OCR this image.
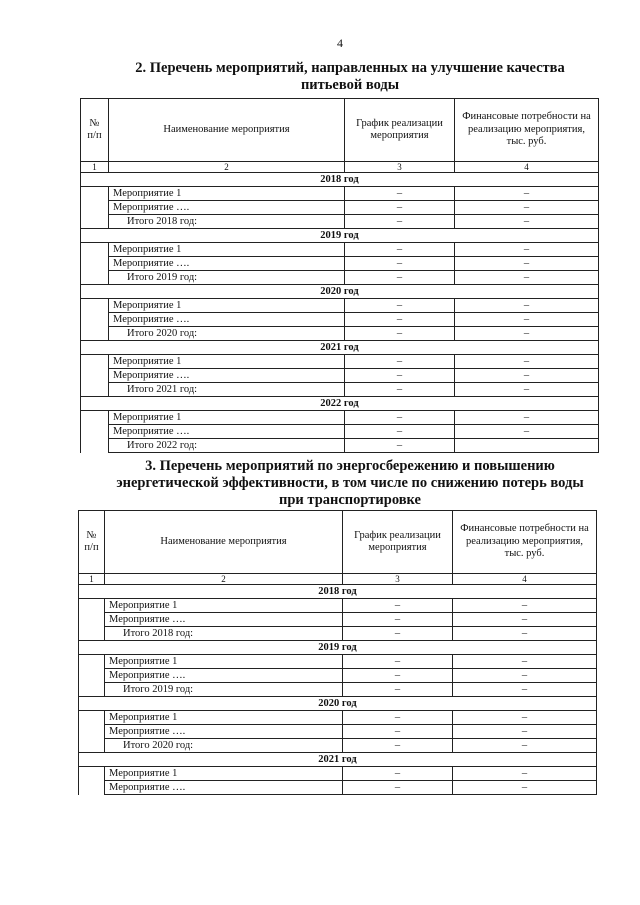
4
2. Перечень мероприятий, направленных на улучшение качества
питьевой воды
№ п/п	Наименование мероприятия	График реализации мероприятия	Финансовые потребности на реализацию мероприятия, тыс. руб.
1	2	3	4
2018 год			
	Мероприятие 1	–	–
	Мероприятие ….	–	–
	Итого 2018 год:	–	–
2019 год			
	Мероприятие 1	–	–
	Мероприятие ….	–	–
	Итого 2019 год:	–	–
2020 год			
	Мероприятие 1	–	–
	Мероприятие ….	–	–
	Итого 2020 год:	–	–
2021 год			
	Мероприятие 1	–	–
	Мероприятие ….	–	–
	Итого 2021 год:	–	–
2022 год			
	Мероприятие 1	–	–
	Мероприятие ….	–	–
	Итого 2022 год:	–	
3. Перечень мероприятий по энергосбережению и повышению
энергетической эффективности, в том числе по снижению потерь воды
при транспортировке
№ п/п	Наименование мероприятия	График реализации мероприятия	Финансовые потребности на реализацию мероприятия, тыс. руб.
1	2	3	4
2018 год			
	Мероприятие 1	–	–
	Мероприятие ….	–	–
	Итого 2018 год:	–	–
2019 год			
	Мероприятие 1	–	–
	Мероприятие ….	–	–
	Итого 2019 год:	–	–
2020 год			
	Мероприятие 1	–	–
	Мероприятие ….	–	–
	Итого 2020 год:	–	–
2021 год			
	Мероприятие 1	–	–
	Мероприятие ….	–	–
